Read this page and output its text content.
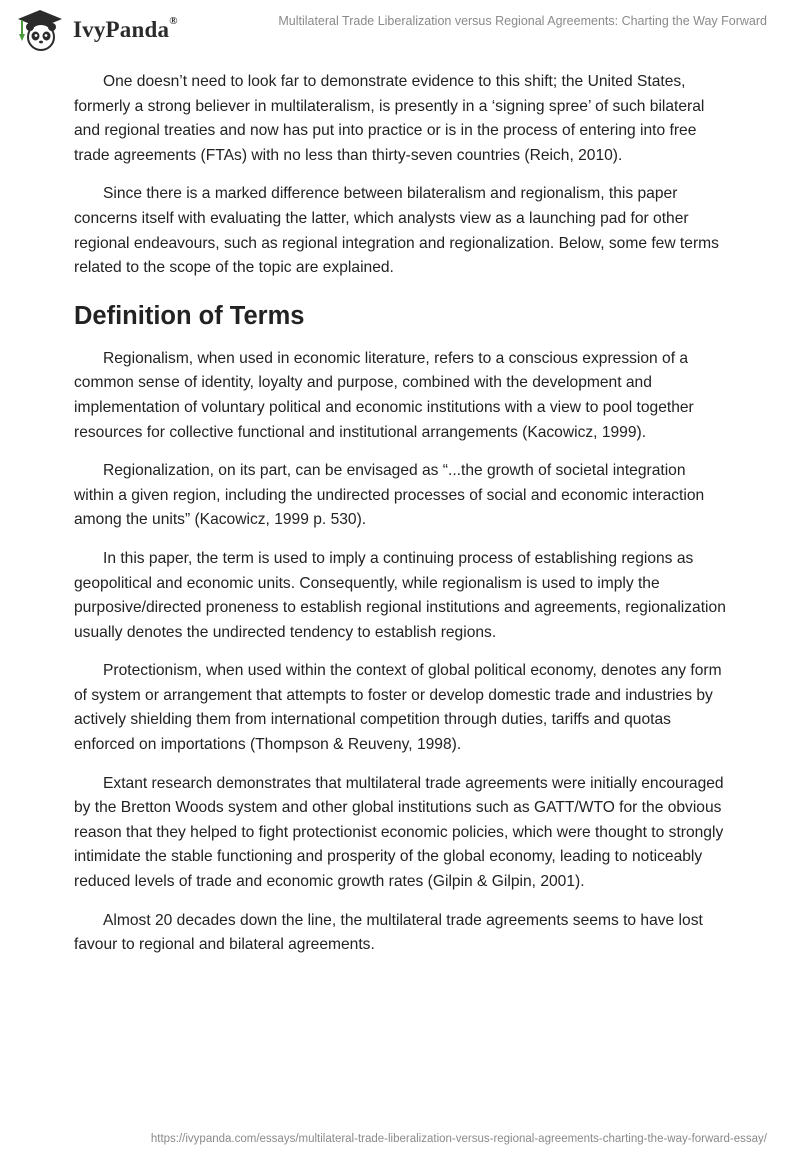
IvyPanda®	Multilateral Trade Liberalization versus Regional Agreements: Charting the Way Forward

One doesn’t need to look far to demonstrate evidence to this shift; the United States, formerly a strong believer in multilateralism, is presently in a ‘signing spree’ of such bilateral and regional treaties and now has put into practice or is in the process of entering into free trade agreements (FTAs) with no less than thirty-seven countries (Reich, 2010).

Since there is a marked difference between bilateralism and regionalism, this paper concerns itself with evaluating the latter, which analysts view as a launching pad for other regional endeavours, such as regional integration and regionalization. Below, some few terms related to the scope of the topic are explained.

Definition of Terms

Regionalism, when used in economic literature, refers to a conscious expression of a common sense of identity, loyalty and purpose, combined with the development and implementation of voluntary political and economic institutions with a view to pool together resources for collective functional and institutional arrangements (Kacowicz, 1999).

Regionalization, on its part, can be envisaged as “...the growth of societal integration within a given region, including the undirected processes of social and economic interaction among the units” (Kacowicz, 1999 p. 530).

In this paper, the term is used to imply a continuing process of establishing regions as geopolitical and economic units. Consequently, while regionalism is used to imply the purposive/directed proneness to establish regional institutions and agreements, regionalization usually denotes the undirected tendency to establish regions.

Protectionism, when used within the context of global political economy, denotes any form of system or arrangement that attempts to foster or develop domestic trade and industries by actively shielding them from international competition through duties, tariffs and quotas enforced on importations (Thompson & Reuveny, 1998).

Extant research demonstrates that multilateral trade agreements were initially encouraged by the Bretton Woods system and other global institutions such as GATT/WTO for the obvious reason that they helped to fight protectionist economic policies, which were thought to strongly intimidate the stable functioning and prosperity of the global economy, leading to noticeably reduced levels of trade and economic growth rates (Gilpin & Gilpin, 2001).

Almost 20 decades down the line, the multilateral trade agreements seems to have lost favour to regional and bilateral agreements.

https://ivypanda.com/essays/multilateral-trade-liberalization-versus-regional-agreements-charting-the-way-forward-essay/
